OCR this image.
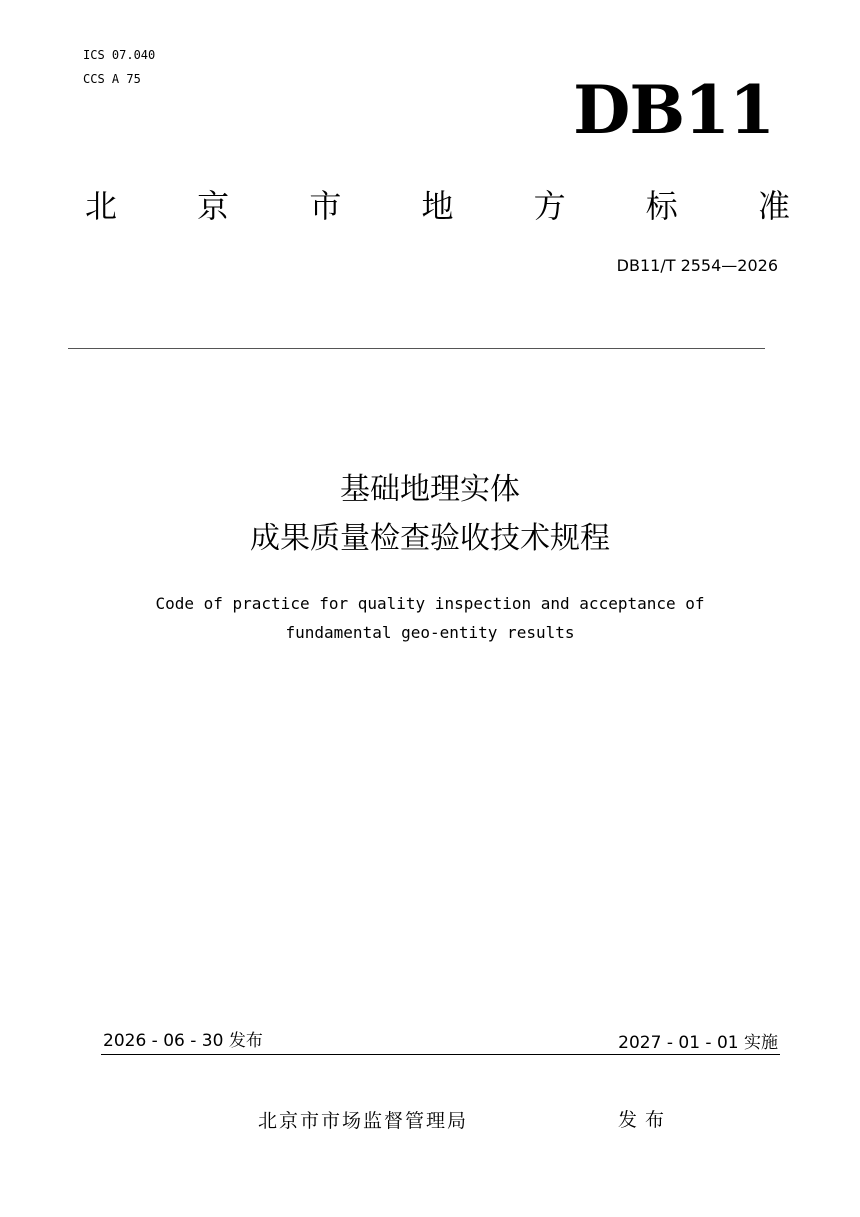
ICS 07.040
CCS A 75	DB11
北	京	市	地	方	标	准
DB11/T 2554—2026
基础地理实体
成果质量检查验收技术规程
Code of practice for quality inspection and acceptance of
fundamental geo-entity results
2026 - 06 - 30 发布	2027 - 01 - 01 实施
北京市市场监督管理局	发布
